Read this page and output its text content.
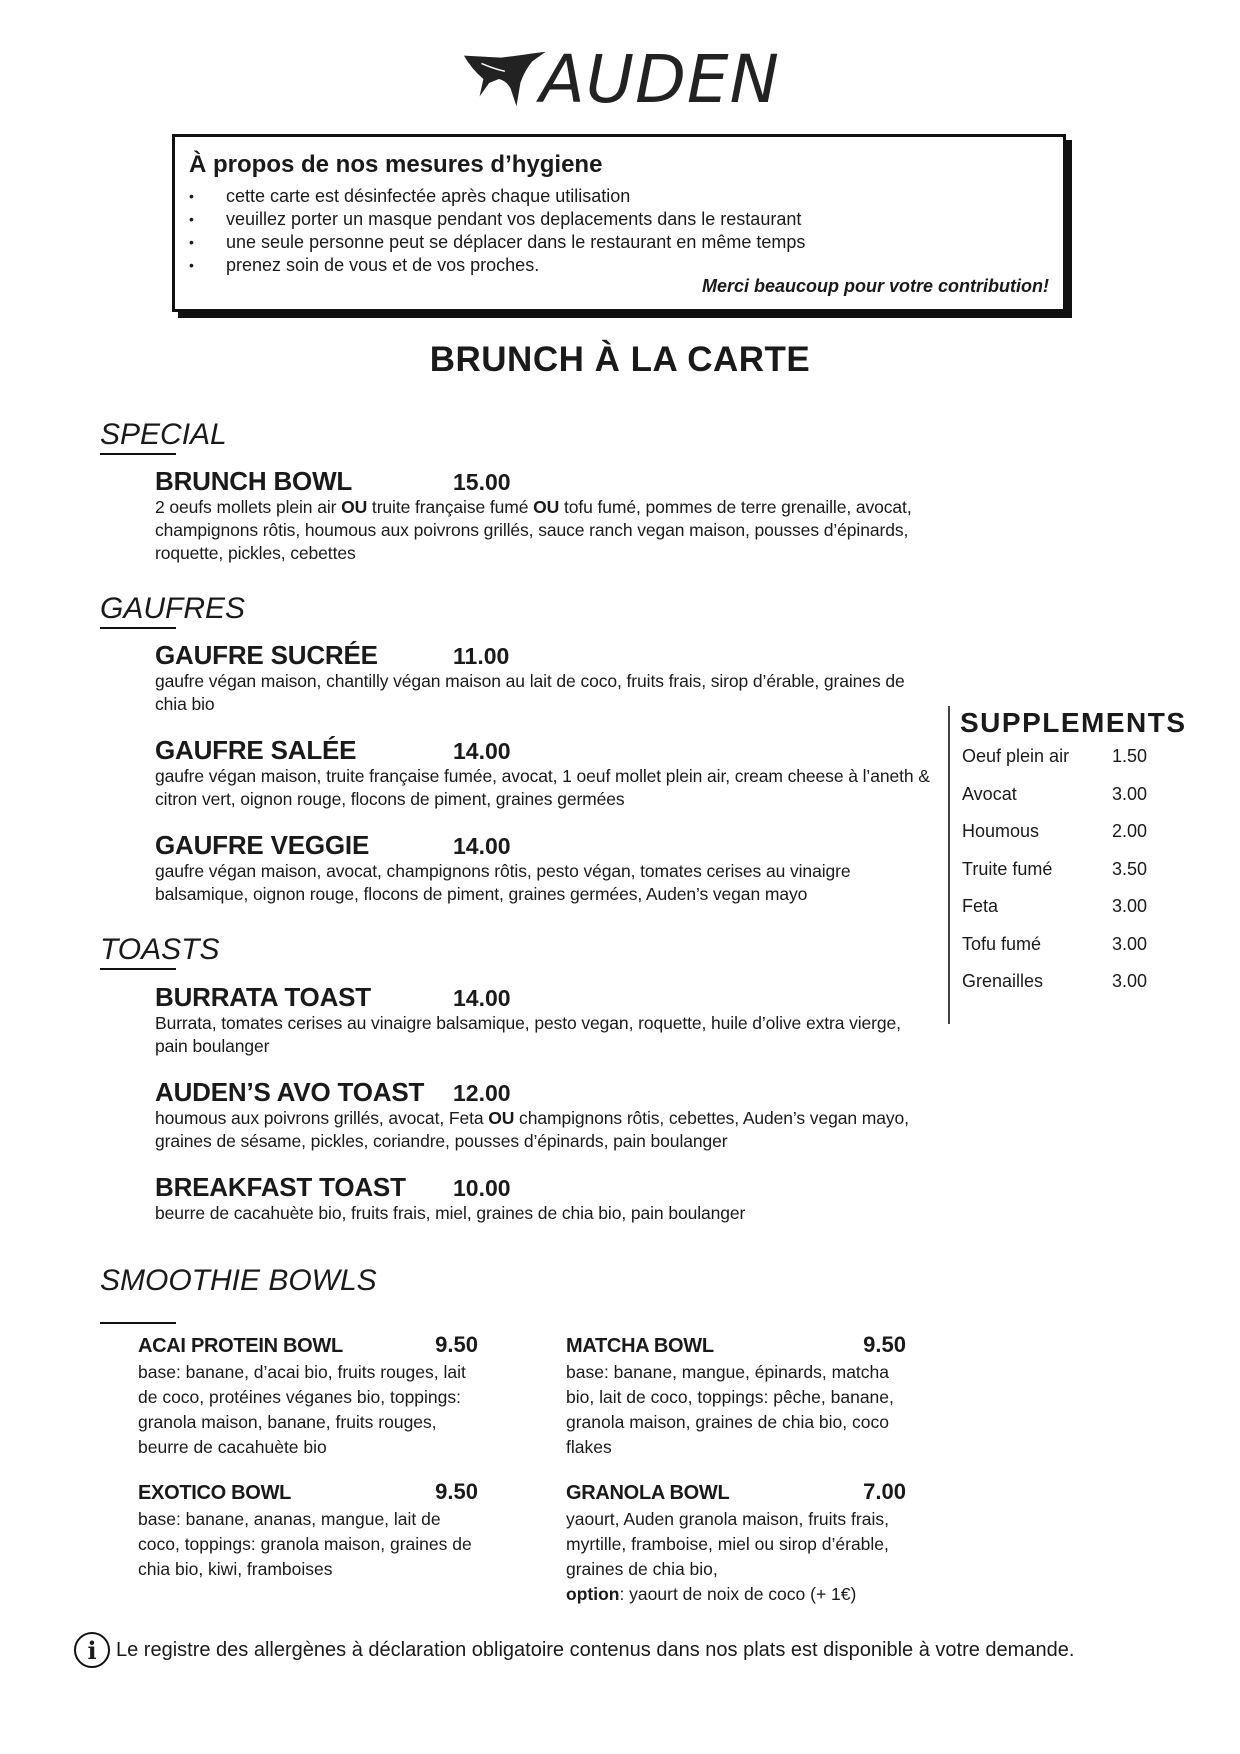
AUDEN
À propos de nos mesures d’hygiene
• cette carte est désinfectée après chaque utilisation
• veuillez porter un masque pendant vos deplacements dans le restaurant
• une seule personne peut se déplacer dans le restaurant en même temps
• prenez soin de vous et de vos proches.
Merci beaucoup pour votre contribution!
BRUNCH À LA CARTE
SPECIAL
BRUNCH BOWL	15.00
2 oeufs mollets plein air OU truite française fumé OU tofu fumé, pommes de terre grenaille, avocat, champignons rôtis, houmous aux poivrons grillés, sauce ranch vegan maison, pousses d’épinards, roquette, pickles, cebettes
GAUFRES
GAUFRE SUCRÉE	11.00
gaufre végan maison, chantilly végan maison au lait de coco, fruits frais, sirop d’érable, graines de chia bio
GAUFRE SALÉE	14.00
gaufre végan maison, truite française fumée, avocat, 1 oeuf mollet plein air, cream cheese à l’aneth & citron vert, oignon rouge, flocons de piment, graines germées
GAUFRE VEGGIE	14.00
gaufre végan maison, avocat, champignons rôtis, pesto végan, tomates cerises au vinaigre balsamique, oignon rouge, flocons de piment, graines germées, Auden’s vegan mayo
TOASTS
BURRATA TOAST	14.00
Burrata, tomates cerises au vinaigre balsamique, pesto vegan, roquette, huile d’olive extra vierge, pain boulanger
AUDEN’S AVO TOAST	12.00
houmous aux poivrons grillés, avocat, Feta OU champignons rôtis, cebettes, Auden’s vegan mayo, graines de sésame, pickles, coriandre, pousses d’épinards, pain boulanger
BREAKFAST TOAST	10.00
beurre de cacahuète bio, fruits frais, miel, graines de chia bio, pain boulanger
SUPPLEMENTS
Oeuf plein air	1.50
Avocat	3.00
Houmous	2.00
Truite fumé	3.50
Feta	3.00
Tofu fumé	3.00
Grenailles	3.00
SMOOTHIE BOWLS
ACAI PROTEIN BOWL	9.50
base: banane, d’acai bio, fruits rouges, lait de coco, protéines véganes bio, toppings: granola maison, banane, fruits rouges, beurre de cacahuète bio
MATCHA BOWL	9.50
base: banane, mangue, épinards, matcha bio, lait de coco, toppings: pêche, banane, granola maison, graines de chia bio, coco flakes
EXOTICO BOWL	9.50
base: banane, ananas, mangue, lait de coco, toppings: granola maison, graines de chia bio, kiwi, framboises
GRANOLA BOWL	7.00
yaourt, Auden granola maison, fruits frais, myrtille, framboise, miel ou sirop d’érable, graines de chia bio,
option: yaourt de noix de coco (+ 1€)
i Le registre des allergènes à déclaration obligatoire contenus dans nos plats est disponible à votre demande.
